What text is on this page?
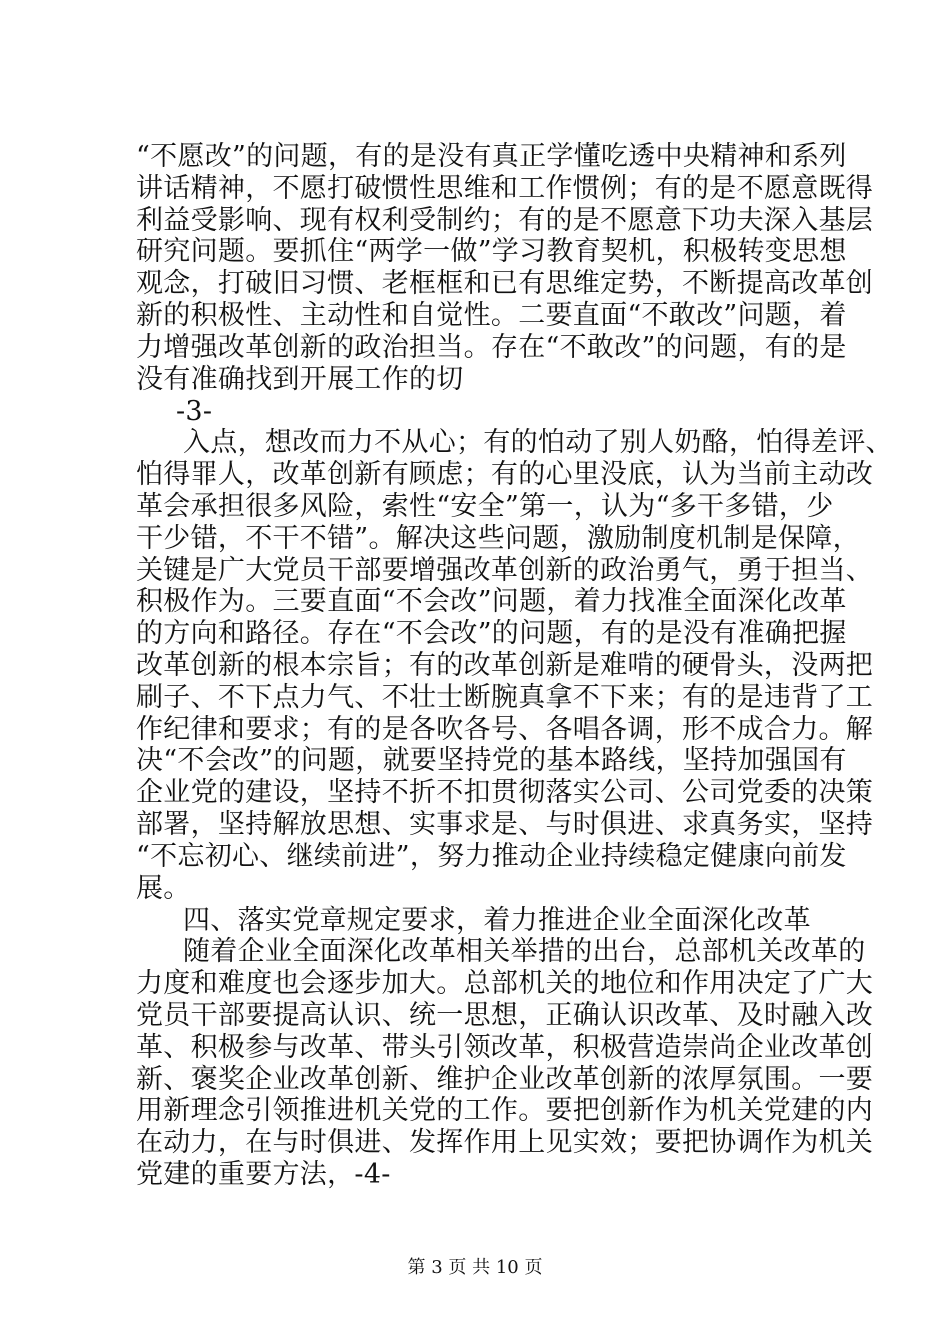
“不愿改”的问题，有的是没有真正学懂吃透中央精神和系列
讲话精神，不愿打破惯性思维和工作惯例；有的是不愿意既得
利益受影响、现有权利受制约；有的是不愿意下功夫深入基层
研究问题。要抓住“两学一做”学习教育契机，积极转变思想
观念，打破旧习惯、老框框和已有思维定势，不断提高改革创
新的积极性、主动性和自觉性。二要直面“不敢改”问题，着
力增强改革创新的政治担当。存在“不敢改”的问题，有的是
没有准确找到开展工作的切
-3-
入点，想改而力不从心；有的怕动了别人奶酪，怕得差评、
怕得罪人，改革创新有顾虑；有的心里没底，认为当前主动改
革会承担很多风险，索性“安全”第一，认为“多干多错，少
干少错，不干不错”。解决这些问题，激励制度机制是保障，
关键是广大党员干部要增强改革创新的政治勇气，勇于担当、
积极作为。三要直面“不会改”问题，着力找准全面深化改革
的方向和路径。存在“不会改”的问题，有的是没有准确把握
改革创新的根本宗旨；有的改革创新是难啃的硬骨头，没两把
刷子、不下点力气、不壮士断腕真拿不下来；有的是违背了工
作纪律和要求；有的是各吹各号、各唱各调，形不成合力。解
决“不会改”的问题，就要坚持党的基本路线，坚持加强国有
企业党的建设，坚持不折不扣贯彻落实公司、公司党委的决策
部署，坚持解放思想、实事求是、与时俱进、求真务实，坚持
“不忘初心、继续前进”，努力推动企业持续稳定健康向前发
展。
四、落实党章规定要求，着力推进企业全面深化改革
随着企业全面深化改革相关举措的出台，总部机关改革的
力度和难度也会逐步加大。总部机关的地位和作用决定了广大
党员干部要提高认识、统一思想，正确认识改革、及时融入改
革、积极参与改革、带头引领改革，积极营造崇尚企业改革创
新、褒奖企业改革创新、维护企业改革创新的浓厚氛围。一要
用新理念引领推进机关党的工作。要把创新作为机关党建的内
在动力，在与时俱进、发挥作用上见实效；要把协调作为机关
党建的重要方法，-4-
第 3 页 共 10 页
